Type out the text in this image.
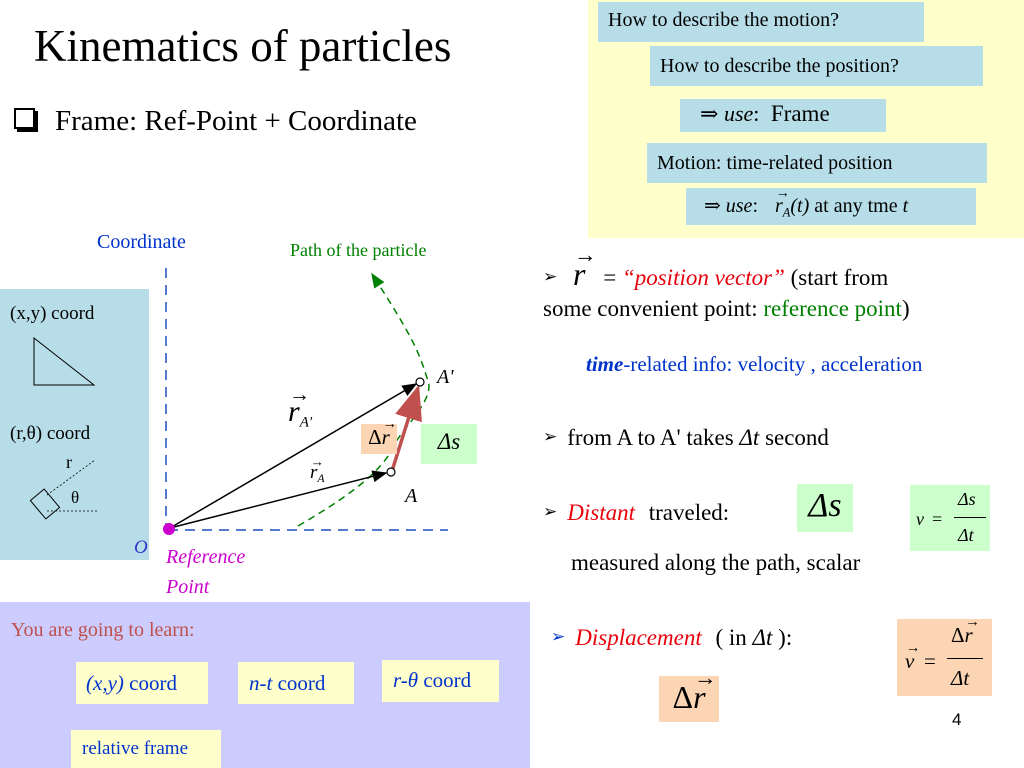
Kinematics of particles
Frame: Ref-Point + Coordinate
How to describe the motion?
How to describe the position?
⇒ use: Frame
Motion: time-related position
⇒ use: → $r_A(t)$ at any tme t
(x,y) coord
(r,θ) coord
r
θ
Coordinate	Path of the particle
A'
A
O Reference
Point
→ $r_{A'}$
→ $r_A$
Δ→ r	Δs
➢ → r = “position vector” (start from
some convenient point: reference point)
time-related info: velocity , acceleration
➢ from A to A' takes Δt second
➢ Distant traveled:	Δs	v =
Δs
Δt
measured along the path, scalar
➢ Displacement ( in Δt ):
Δ→ r
→ v =
Δ→ r
Δt
You are going to learn:
(x,y) coord	n-t coord	r-θ coord
relative frame
4
